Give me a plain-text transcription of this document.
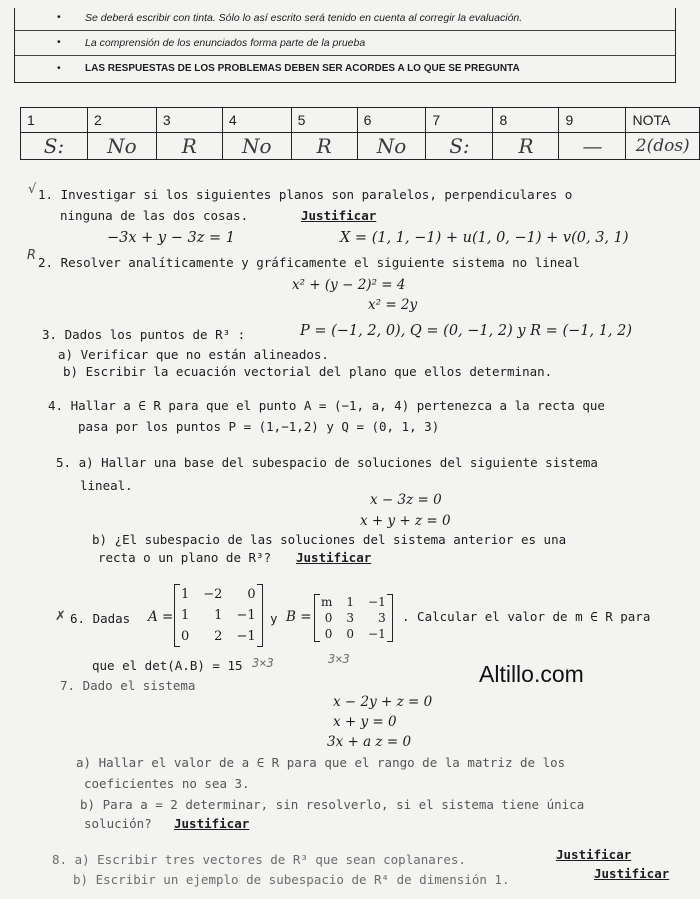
• Se deberá escribir con tinta. Sólo lo así escrito será tenido en cuenta al corregir la evaluación.
• La comprensión de los enunciados forma parte de la prueba
• LAS RESPUESTAS DE LOS PROBLEMAS DEBEN SER ACORDES A LO QUE SE PREGUNTA
1	2	3	4	5	6	7	8	9	NOTA
S:	No	R	No	R	No	S:	R	—	2(dos)
√ 1. Investigar si los siguientes planos son paralelos, perpendiculares o
ninguna de las dos cosas.	Justificar
−3x + y − 3z = 1	X = (1, 1, −1) + u(1, 0, −1) + v(0, 3, 1)
R 2. Resolver analíticamente y gráficamente el siguiente sistema no lineal
x² + (y − 2)² = 4
x² = 2y
3. Dados los puntos de R³ :	P = (−1, 2, 0), Q = (0, −1, 2) y R = (−1, 1, 2)
a) Verificar que no están alineados.
b) Escribir la ecuación vectorial del plano que ellos determinan.
4. Hallar a ∈ R para que el punto A = (−1, a, 4) pertenezca a la recta que
pasa por los puntos P = (1,−1,2) y Q = (0, 1, 3)
5. a) Hallar una base del subespacio de soluciones del siguiente sistema
lineal.
x − 3z = 0
x + y + z = 0
b) ¿El subespacio de las soluciones del sistema anterior es una
recta o un plano de R³? Justificar
✗ 6. Dadas A =
1	−2	0
1	1	−1
0	2	−1
y B =
m	1	−1
0	3	3
0	0	−1
. Calcular el valor de m ∈ R para
que el det(A.B) = 15 3×3	3×3
Altillo.com
7. Dado el sistema
x − 2y + z = 0
x + y = 0
3x + a z = 0
a) Hallar el valor de a ∈ R para que el rango de la matriz de los
coeficientes no sea 3.
b) Para a = 2 determinar, sin resolverlo, si el sistema tiene única
solución? Justificar
8. a) Escribir tres vectores de R³ que sean coplanares.	Justificar
b) Escribir un ejemplo de subespacio de R⁴ de dimensión 1.	Justificar
